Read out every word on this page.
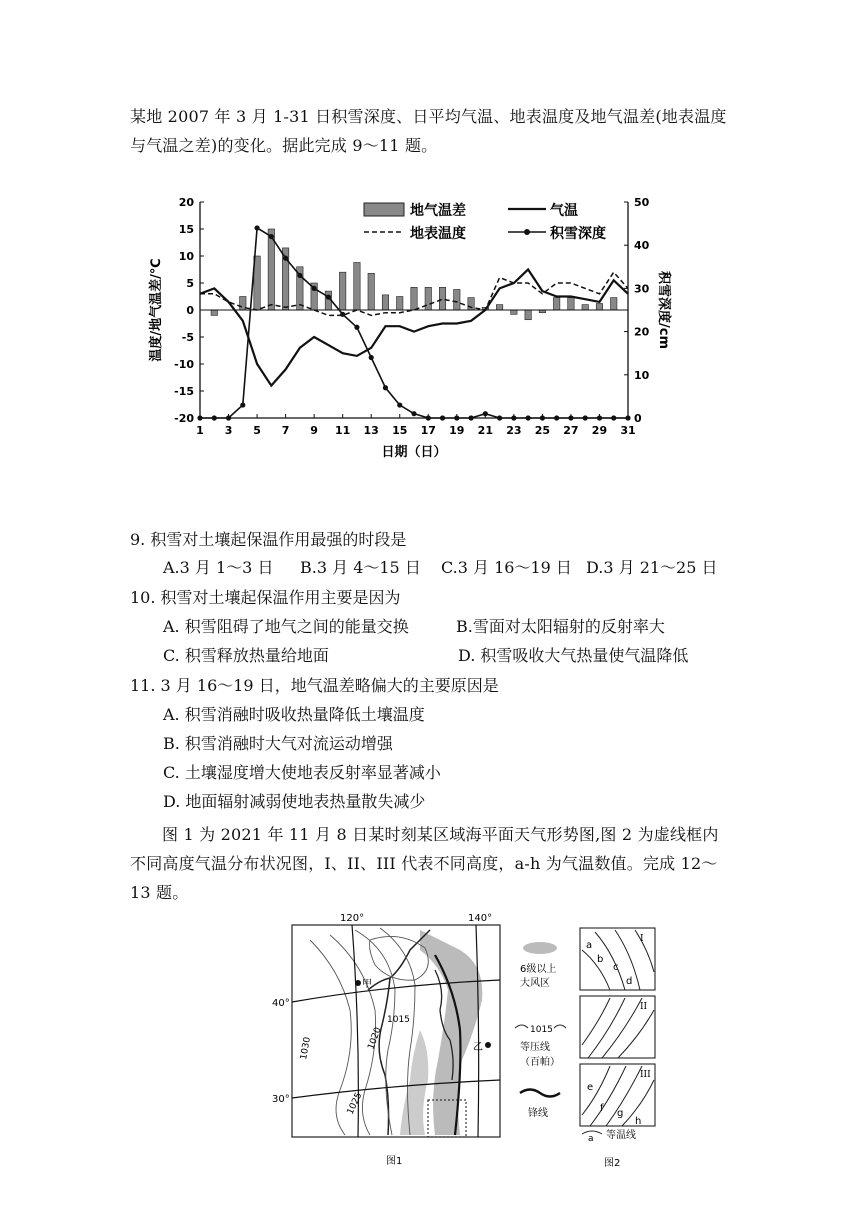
某地 2007 年 3 月 1-31 日积雪深度、日平均气温、地表温度及地气温差(地表温度与气温之差)的变化。据此完成 9～11 题。
20
15
10
5
0
-5
-10
-15
-20
50
40
30
20
10
0
1 3 5 7 9 11 13 15 17 19 21 23 25 27 29 31
日期（日）
温度/地气温差/℃	积雪深度/cm
地气温差	气温
地表温度	积雪深度
9. 积雪对土壤起保温作用最强的时段是
A.3 月 1～3 日 B.3 月 4～15 日 C.3 月 16～19 日 D.3 月 21～25 日
10. 积雪对土壤起保温作用主要是因为
A. 积雪阻碍了地气之间的能量交换	B.雪面对太阳辐射的反射率大
C. 积雪释放热量给地面	D. 积雪吸收大气热量使气温降低
11. 3 月 16～19 日，地气温差略偏大的主要原因是
A. 积雪消融时吸收热量降低土壤温度
B. 积雪消融时大气对流运动增强
C. 土壤湿度增大使地表反射率显著减小
D. 地面辐射减弱使地表热量散失减少
图 1 为 2021 年 11 月 8 日某时刻某区域海平面天气形势图,图 2 为虚线框内不同高度气温分布状况图，I、II、III 代表不同高度，a-h 为气温数值。完成 12～13 题。
120°	140°
40°
30°
1015
1020
1025
1030
甲
乙
图1
6级以上
大风区
1015
等压线
（百帕）
锋线
a
b
c
d
I
II
e
f g
h
III
a 等温线
图2
